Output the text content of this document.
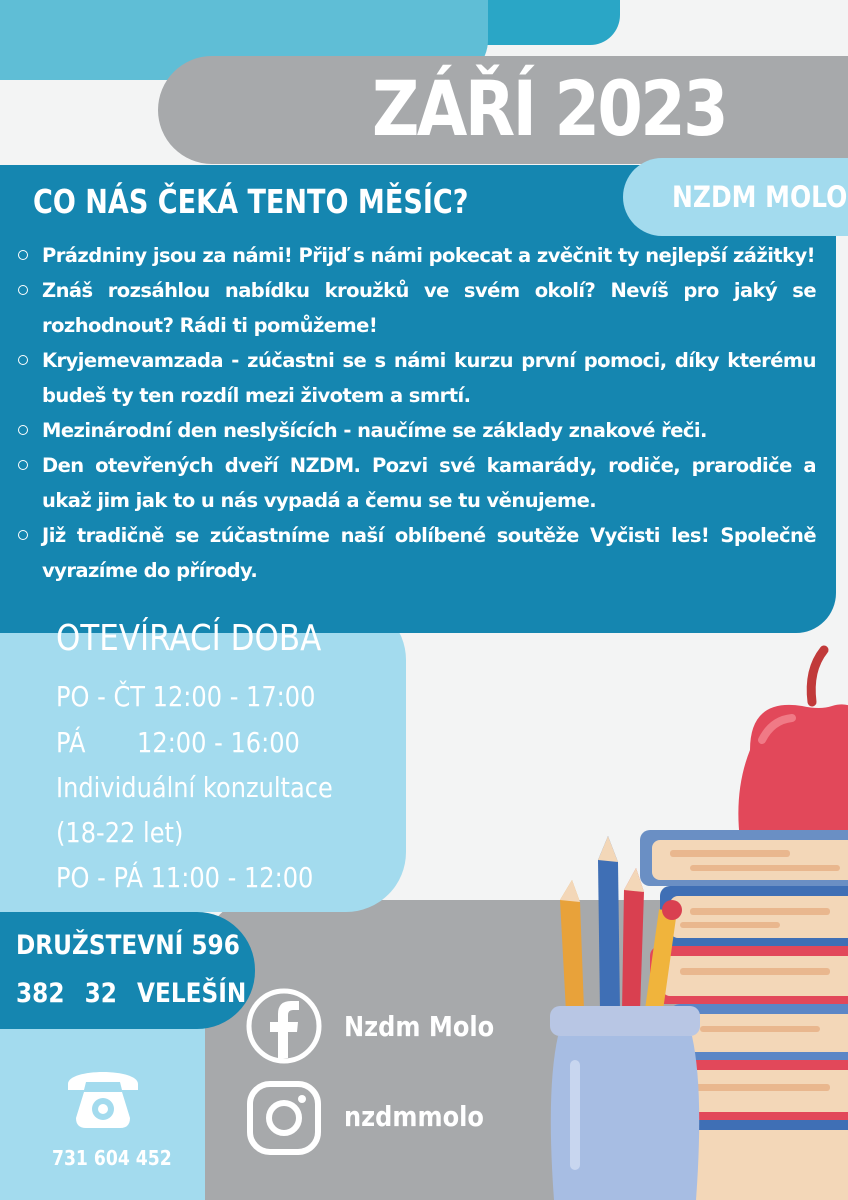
ZÁŘÍ 2023
NZDM MOLO
CO NÁS ČEKÁ TENTO MĚSÍC?
Prázdniny jsou za námi! Přijď s námi pokecat a zvěčnit ty nejlepší zážitky!
Znáš rozsáhlou nabídku kroužků ve svém okolí? Nevíš pro jaký se rozhodnout? Rádi ti pomůžeme!
Kryjemevamzada - zúčastni se s námi kurzu první pomoci, díky kterému budeš ty ten rozdíl mezi životem a smrtí.
Mezinárodní den neslyšících - naučíme se základy znakové řeči.
Den otevřených dveří NZDM. Pozvi své kamarády, rodiče, prarodiče a ukaž jim jak to u nás vypadá a čemu se tu věnujeme.
Již tradičně se zúčastníme naší oblíbené soutěže Vyčisti les! Společně vyrazíme do přírody.
OTEVÍRACÍ DOBA
PO - ČT 12:00 - 17:00
PÁ 12:00 - 16:00
Individuální konzultace
(18-22 let)
PO - PÁ 11:00 - 12:00
DRUŽSTEVNÍ 596
382 32 VELEŠÍN
731 604 452
Nzdm Molo
nzdmmolo
